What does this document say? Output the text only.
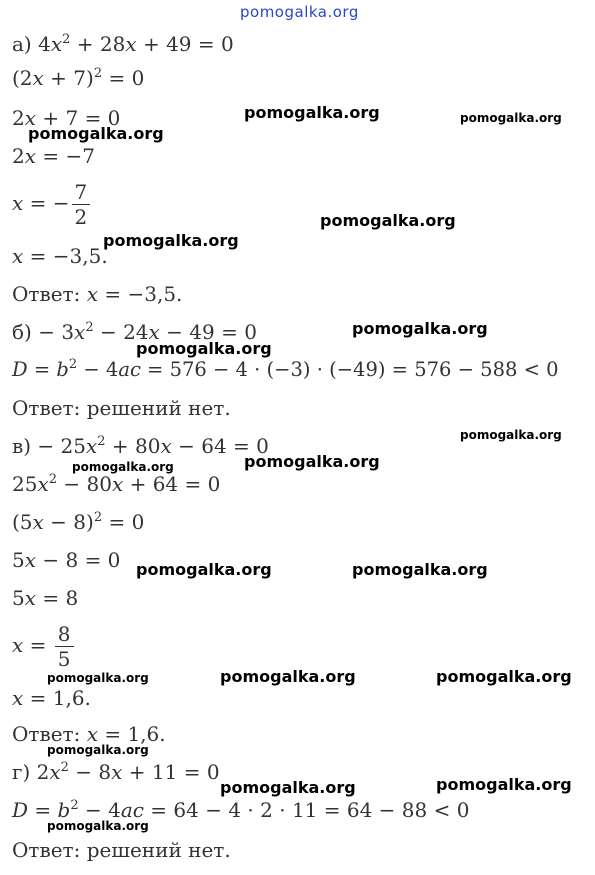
pomogalka.org
а) $4x^2 + 28x + 49 = 0$
$(2x + 7)^2 = 0$
2x + 7 = 0
2x = −7
x = − $\frac{7}{2}$
x = −3,5.
Ответ: x = −3,5.
$б) - 3x^2 - 24x - 49 = 0$
$D = b^2 - 4ac = 576 - 4 \cdot (-3) \cdot (-49) = 576 - 588 < 0$
Ответ: решений нет.
$в) - 25x^2 + 80x - 64 = 0$
$25x^2 - 80x + 64 = 0$
$(5x - 8)^2 = 0$
5x − 8 = 0
5x = 8
$x = \frac{8}{5}$
x = 1,6.
Ответ: x = 1,6.
г) $2x^2 - 8x + 11 = 0$
$D = b^2 - 4ac = 64 - 4 \cdot 2 \cdot 11 = 64 - 88 < 0$
Ответ: решений нет.
pomogalka.org	pomogalka.org
pomogalka.org
pomogalka.org
pomogalka.org
pomogalka.org
pomogalka.org
pomogalka.org
pomogalka.org
pomogalka.org
pomogalka.org	pomogalka.org
pomogalka.org	pomogalka.org
pomogalka.org
pomogalka.org
pomogalka.org	pomogalka.org
pomogalka.org
